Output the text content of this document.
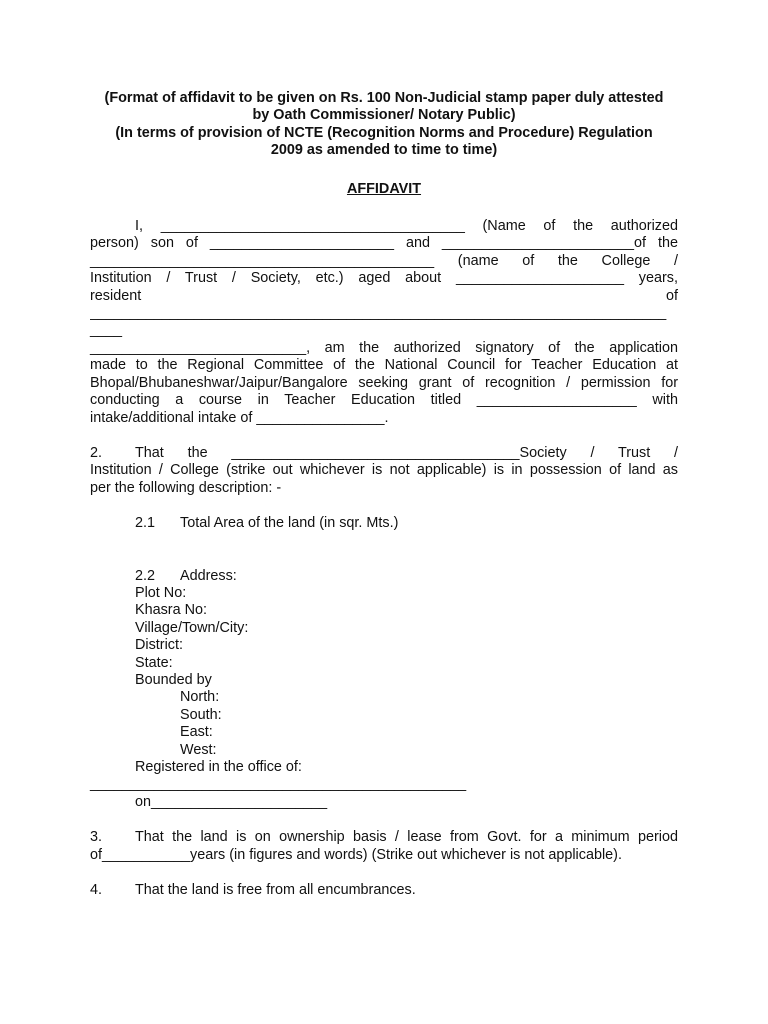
(Format of affidavit to be given on Rs. 100 Non-Judicial stamp paper duly attested
by Oath Commissioner/ Notary Public)
(In terms of provision of NCTE (Recognition Norms and Procedure) Regulation
2009 as amended to time to time)
AFFIDAVIT
I, ______________________________________ (Name of the authorized
person) son of _______________________ and ________________________of the
___________________________________________ (name of the College /
Institution / Trust / Society, etc.) aged about _____________________ years,
resident	of
________________________________________________________________________
____
___________________________, am the authorized signatory of the application
made to the Regional Committee of the National Council for Teacher Education at
Bhopal/Bhubaneshwar/Jaipur/Bangalore seeking grant of recognition / permission for
conducting a course in Teacher Education titled ____________________ with
intake/additional intake of ________________.
2.	That the ____________________________________Society / Trust /
Institution / College (strike out whichever is not applicable) is in possession of land as
per the following description: -
2.1 Total Area of the land (in sqr. Mts.)
2.2 Address:
Plot No:
Khasra No:
Village/Town/City:
District:
State:
Bounded by
North:
South:
East:
West:
Registered in the office of:
_______________________________________________
on______________________
3.	That the land is on ownership basis / lease from Govt. for a minimum period
of___________years (in figures and words) (Strike out whichever is not applicable).
4.	That the land is free from all encumbrances.
